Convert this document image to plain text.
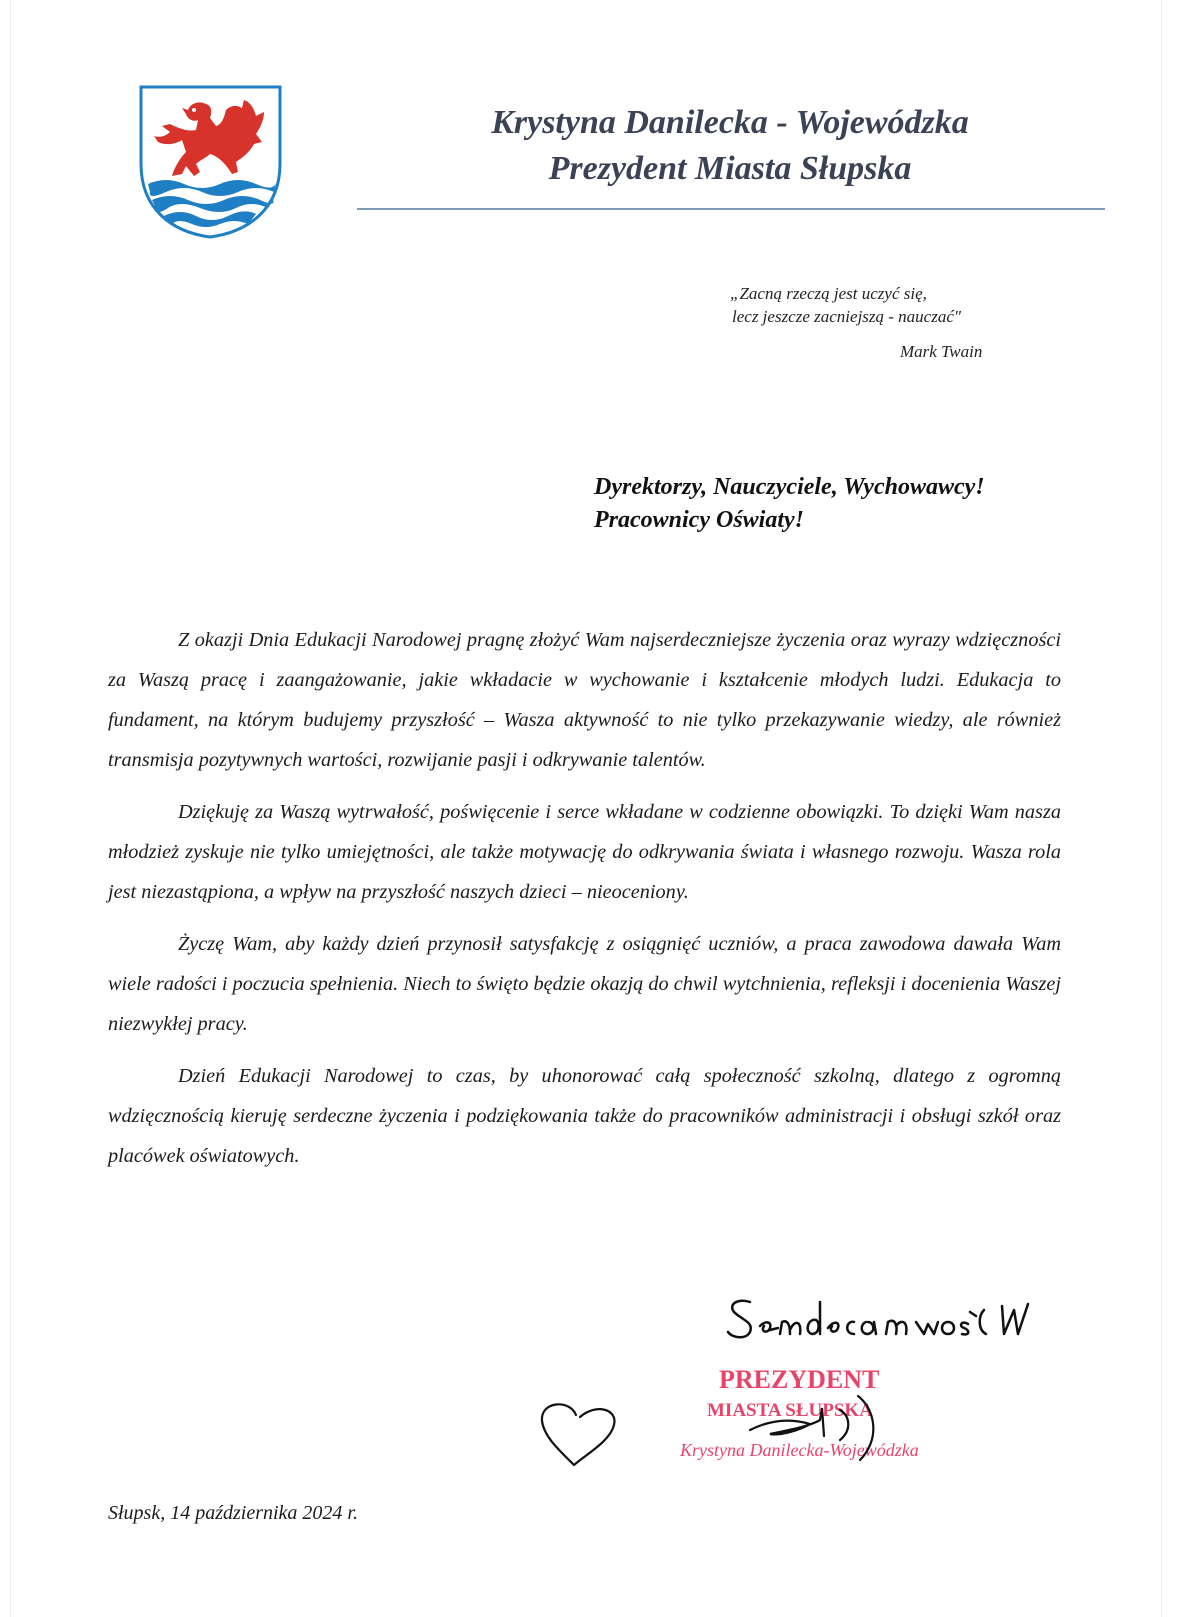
Krystyna Danilecka - Wojewódzka
Prezydent Miasta Słupska
„Zacną rzeczą jest uczyć się,
lecz jeszcze zacniejszą - nauczać"
Mark Twain
Dyrektorzy, Nauczyciele, Wychowawcy!
Pracownicy Oświaty!

Z okazji Dnia Edukacji Narodowej pragnę złożyć Wam najserdeczniejsze życzenia oraz wyrazy wdzięczności za Waszą pracę i zaangażowanie, jakie wkładacie w wychowanie i kształcenie młodych ludzi. Edukacja to fundament, na którym budujemy przyszłość – Wasza aktywność to nie tylko przekazywanie wiedzy, ale również transmisja pozytywnych wartości, rozwijanie pasji i odkrywanie talentów.

Dziękuję za Waszą wytrwałość, poświęcenie i serce wkładane w codzienne obowiązki. To dzięki Wam nasza młodzież zyskuje nie tylko umiejętności, ale także motywację do odkrywania świata i własnego rozwoju. Wasza rola jest niezastąpiona, a wpływ na przyszłość naszych dzieci – nieoceniony.

Życzę Wam, aby każdy dzień przynosił satysfakcję z osiągnięć uczniów, a praca zawodowa dawała Wam wiele radości i poczucia spełnienia. Niech to święto będzie okazją do chwil wytchnienia, refleksji i docenienia Waszej niezwykłej pracy.

Dzień Edukacji Narodowej to czas, by uhonorować całą społeczność szkolną, dlatego z ogromną wdzięcznością kieruję serdeczne życzenia i podziękowania także do pracowników administracji i obsługi szkół oraz placówek oświatowych.

PREZYDENT
MIASTA SŁUPSKA
Krystyna Danilecka-Wojewódzka
Słupsk, 14 października 2024 r.
